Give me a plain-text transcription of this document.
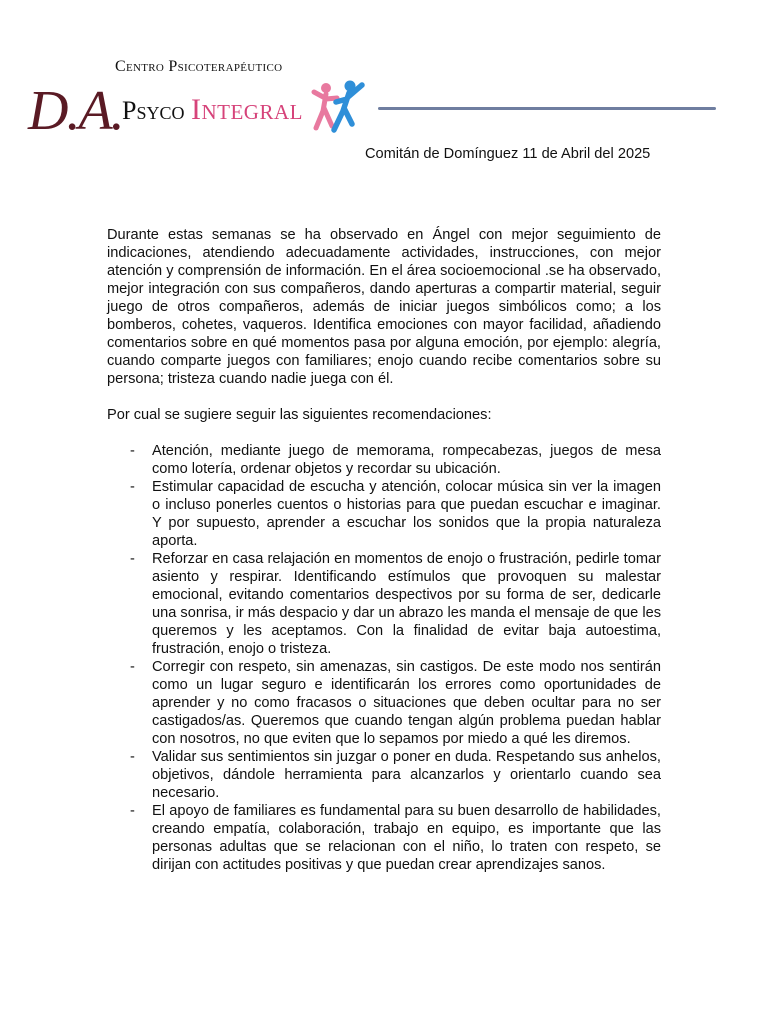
Centro Psicoterapéutico
D.A. Psyco Integral
Comitán de Domínguez 11 de Abril del 2025

Durante estas semanas se ha observado en Ángel con mejor seguimiento de indicaciones, atendiendo adecuadamente actividades, instrucciones, con mejor atención y comprensión de información. En el área socioemocional .se ha observado, mejor integración con sus compañeros, dando aperturas a compartir material, seguir juego de otros compañeros, además de iniciar juegos simbólicos como; a los bomberos, cohetes, vaqueros. Identifica emociones con mayor facilidad, añadiendo comentarios sobre en qué momentos pasa por alguna emoción, por ejemplo: alegría, cuando comparte juegos con familiares; enojo cuando recibe comentarios sobre su persona; tristeza cuando nadie juega con él.

Por cual se sugiere seguir las siguientes recomendaciones:

- Atención, mediante juego de memorama, rompecabezas, juegos de mesa como lotería, ordenar objetos y recordar su ubicación.
- Estimular capacidad de escucha y atención, colocar música sin ver la imagen o incluso ponerles cuentos o historias para que puedan escuchar e imaginar. Y por supuesto, aprender a escuchar los sonidos que la propia naturaleza aporta.
- Reforzar en casa relajación en momentos de enojo o frustración, pedirle tomar asiento y respirar. Identificando estímulos que provoquen su malestar emocional, evitando comentarios despectivos por su forma de ser, dedicarle una sonrisa, ir más despacio y dar un abrazo les manda el mensaje de que les queremos y les aceptamos. Con la finalidad de evitar baja autoestima, frustración, enojo o tristeza.
- Corregir con respeto, sin amenazas, sin castigos. De este modo nos sentirán como un lugar seguro e identificarán los errores como oportunidades de aprender y no como fracasos o situaciones que deben ocultar para no ser castigados/as. Queremos que cuando tengan algún problema puedan hablar con nosotros, no que eviten que lo sepamos por miedo a qué les diremos.
- Validar sus sentimientos sin juzgar o poner en duda. Respetando sus anhelos, objetivos, dándole herramienta para alcanzarlos y orientarlo cuando sea necesario.
- El apoyo de familiares es fundamental para su buen desarrollo de habilidades, creando empatía, colaboración, trabajo en equipo, es importante que las personas adultas que se relacionan con el niño, lo traten con respeto, se dirijan con actitudes positivas y que puedan crear aprendizajes sanos.
